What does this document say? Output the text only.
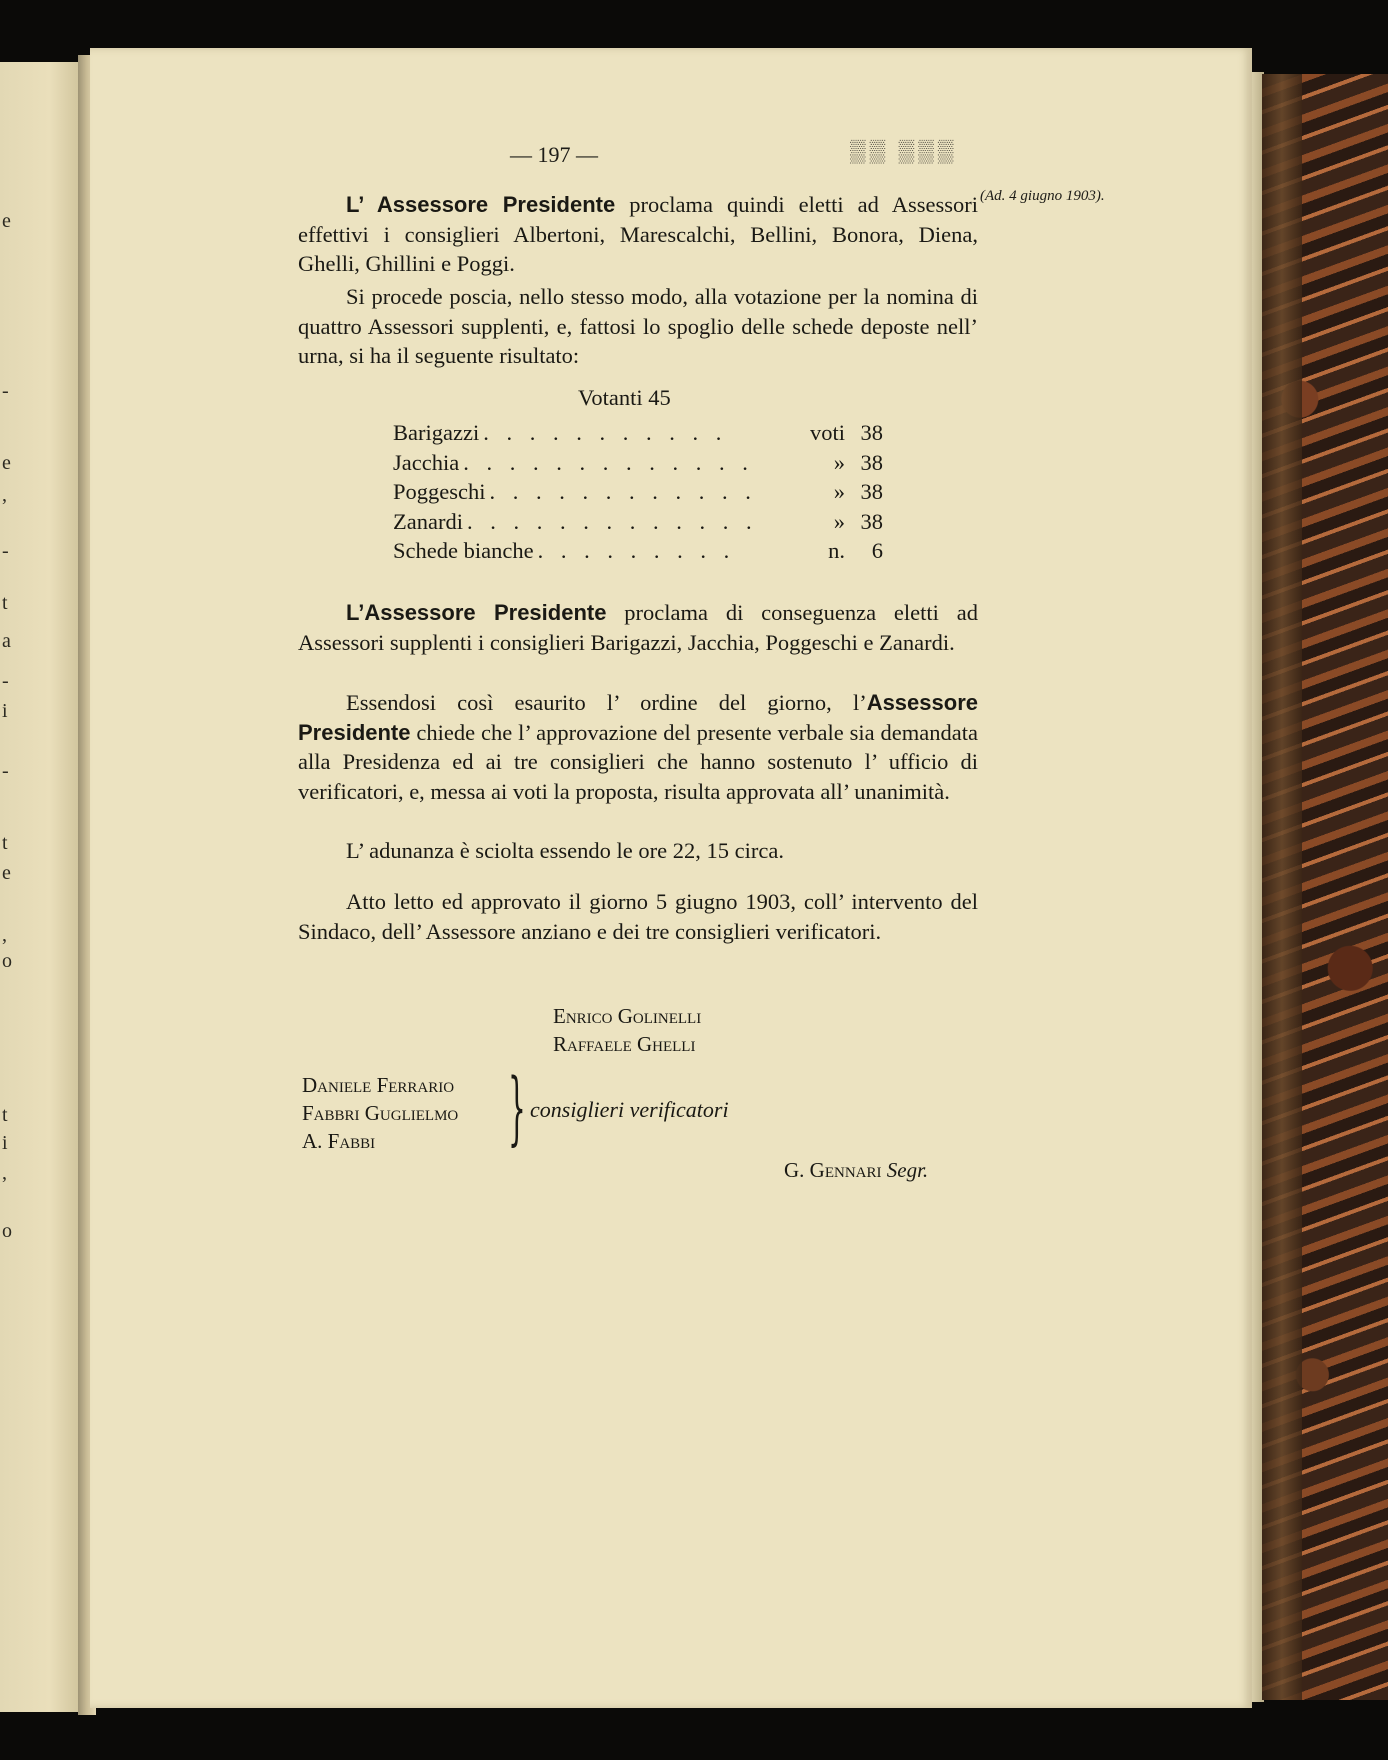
e
-
e
,
-
t
a
-
i
-
t
e
,
o
t
i
,
o
— 197 —	▒▒ ▒▒▒
(Ad. 4 giugno 1903).
L’ Assessore Presidente proclama quindi eletti ad Assessori effettivi i consiglieri Albertoni, Marescalchi, Bellini, Bonora, Diena, Ghelli, Ghillini e Poggi.
Si procede poscia, nello stesso modo, alla votazione per la nomina di quattro Assessori supplenti, e, fattosi lo spoglio delle schede deposte nell’ urna, si ha il seguente risultato:
Votanti 45
Barigazzi . . . . . . . . . . .	voti 38
Jacchia . . . . . . . . . . . . .	» 38
Poggeschi . . . . . . . . . . . .	» 38
Zanardi . . . . . . . . . . . . .	» 38
Schede bianche . . . . . . . . .	n.	6
L’Assessore Presidente proclama di conseguenza eletti ad Assessori supplenti i consiglieri Barigazzi, Jacchia, Poggeschi e Zanardi.
Essendosi così esaurito l’ ordine del giorno, l’Assessore Presidente chiede che l’ approvazione del presente verbale sia demandata alla Presidenza ed ai tre consiglieri che hanno sostenuto l’ ufficio di verificatori, e, messa ai voti la proposta, risulta approvata all’ unanimità.
L’ adunanza è sciolta essendo le ore 22, 15 circa.
Atto letto ed approvato il giorno 5 giugno 1903, coll’ intervento del Sindaco, dell’ Assessore anziano e dei tre consiglieri verificatori.
Enrico Golinelli
Raffaele Ghelli
Daniele Ferrario
Fabbri Guglielmo
A. Fabbi } consiglieri verificatori
G. Gennari Segr.
